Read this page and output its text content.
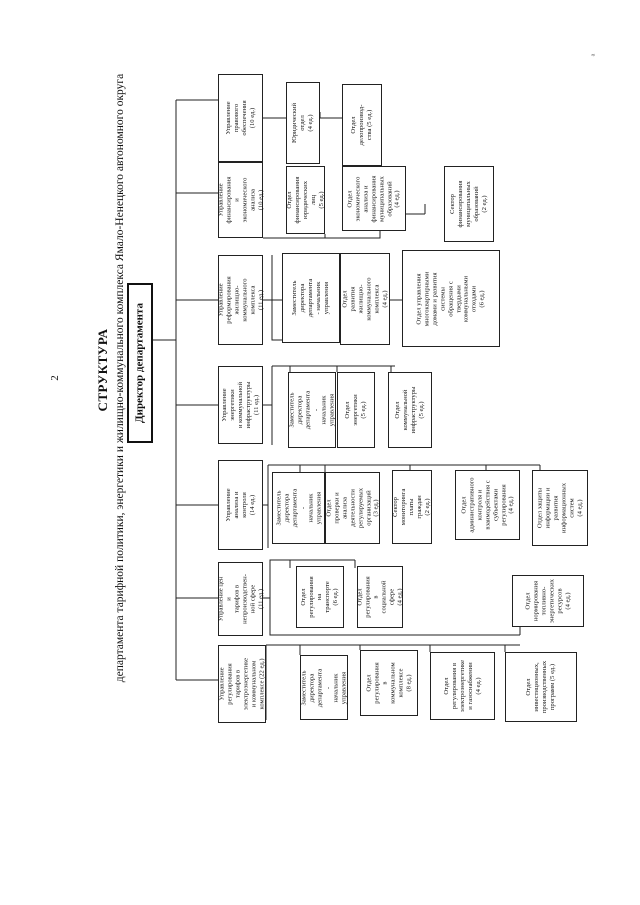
2
а
СТРУКТУРА департамента тарифной политики, энергетики и жилищно-коммунального комплекса Ямало-Ненецкого автономного округа Директор департамента
Управление
правового
обеспечения
(10 ед.)	Юридический
отдел
(4 ед.)	Отдел
делопроизвод-
ства (5 ед.)
Управление
финансирования и
экономического
анализа
(10 ед.)	Отдел
финансирования
юридических лиц
(5 ед.)	Отдел
экономического
анализа и
финансирования
муниципальных
образований
(4 ед.)	Сектор
финансирования
муниципальных
образований
(2 ед.)
Управление
реформирования жилищно-
коммунального комплекса
(11 ед.)	Заместитель директора
департамента - начальник
управления Отдел развития
жилищно-коммунального
комплекса
(4 ед.)
Отдел управления
многоквартирными
домами и развития
системы обращения с
твердыми
коммунальными
отходами
(6 ед.)
Управление энергетики
и коммунальной
инфраструктуры
(11 ед.)	Заместитель директора
департамента -
начальник управления Отдел энергетики
(5 ед.)	Отдел коммунальной
инфраструктуры
(5 ед.)
Управление анализа и
контроля
(14 ед.)	Заместитель
директора
департамента -
начальник
управления Отдел проверки и
анализа
деятельности
регулируемых
организаций
(3 ед.) Сектор мониторинга
платы граждан
(2 ед.)	Отдел
административного
контроля и
взаимодействия с
субъектами
регулирования
(4 ед.)
Отдел защиты
информации и
развития
информационных
систем
(4 ед.)
Управление цен и
тарифов в
непроизводствен-
ной сфере
(11 ед.)	Отдел
регулирования на
транспорте
(6 ед.)	Отдел
регулирования в
социальной
сфере
(4 ед.)	Отдел
нормирования
топливно-
энергетических
ресурсов
(4 ед.)
Управление
регулирования
тарифов в
электроэнергетике
и коммунальном
комплексе (22 ед.)
Заместитель
директора
департамента -
начальник
управления	Отдел
регулирования в
коммунальном
комплексе
(8 ед.)	Отдел
регулирования в
электроэнергетике
и газоснабжении
(4 ед.)	Отдел
инвестиционных,
производственных
программ (5 ед.)
